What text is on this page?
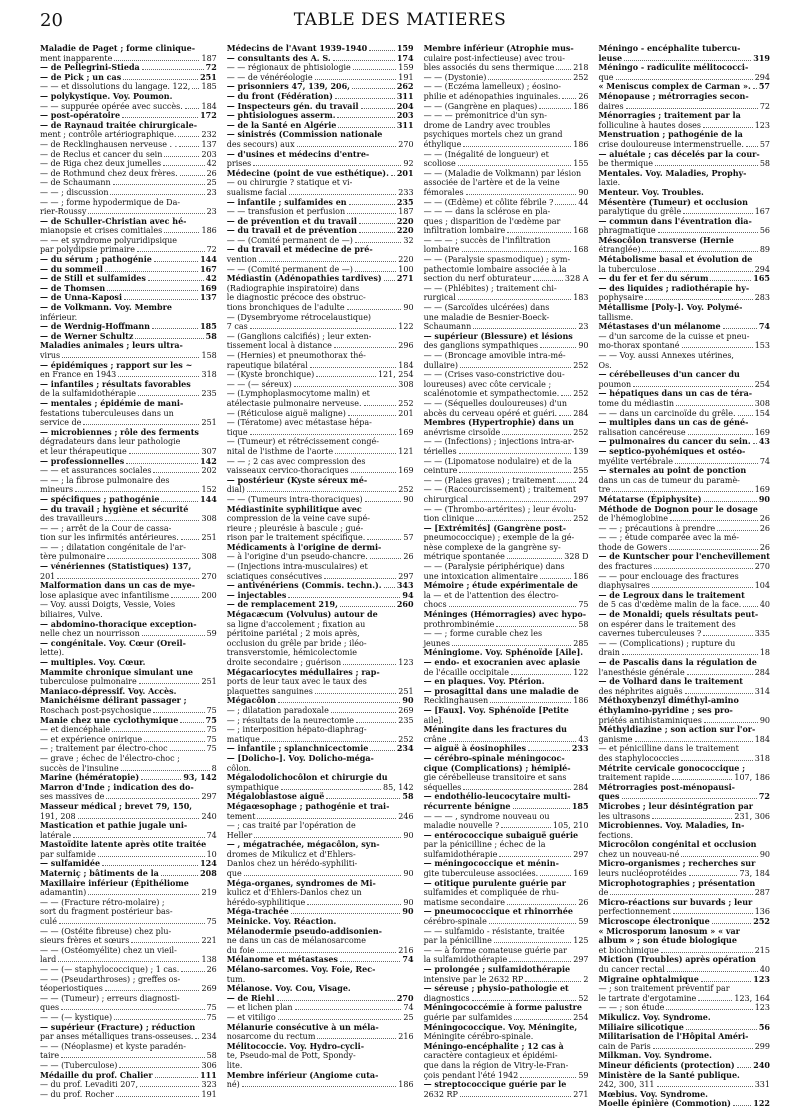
20	TABLE DES MATIERES
Maladie de Paget ; forme clinique-
ment inapparente	187
— de Pellegrini-Stieda	72
— de Pick ; un cas	251
— — et dissolutions du langage. 122, 185
— polykystique. Voy. Poumon.
— — suppurée opérée avec succès. 184
— post-opératoire	172
— de Raynaud traitée chirurgicale-
ment ; contrôle artériographique.	232
— de Recklinghausen nerveuse . .	137
— de Reclus et cancer du sein	203
— de Riga chez deux jumelles	42
— de Rothmund chez deux frères.	26
— de Schaumann	25
— — ; discussion	23
— — ; forme hypodermique de Da-
rier-Roussy	23
— de Schuller-Christian avec hé-
mianopsie et crises comitiales	186
— — et syndrome polyuridipsique
par polydipsie primaire	72
— du sérum ; pathogénie	144
— du sommeil	167
— de Still et sulfamides	42
— de Thomsen	169
— de Unna-Kaposi	137
— de Volkmann. Voy. Membre
inférieur.
— de Werdnig-Hoffmann	185
— de Werner Schultz	58
Maladies animales ; leurs ultra-
virus	158
— épidémiques ; rapport sur les ~
en France en 1943	318
— infantiles ; résultats favorables
de la sulfamidothérapie	235
— mentales ; épidémie de mani-
festations tuberculeuses dans un
service de	251
— microbiennes ; rôle des ferments
dégradateurs dans leur pathologie
et leur thérapeutique	307
— professionnelles	142
— — et assurances sociales	202
— — ; la fibrose pulmonaire des
mineurs	152
— spécifiques ; pathogénie	144
— du travail ; hygiène et sécurité
des travailleurs	308
— — ; arrêt de la Cour de cassa-
tion sur les infirmités antérieures.	251
— — ; dilatation congénitale de l'ar-
tère pulmonaire	308
— vénériennes (Statistiques) 137,
201	270
Malformation dans un cas de mye-
lose aplasique avec infantilisme	200
— Voy. aussi Doigts, Vessie, Voies
biliaires, Vulve.
— abdomino-thoracique exception-
nelle chez un nourrisson	59
— congénitale. Voy. Cœur (Oreil-
lette).
— multiples. Voy. Cœur.
Mammite chronique simulant une
tuberculose pulmonaire	251
Maniaco-dépressif. Voy. Accès.
Manichéisme délirant passager ;
Roschach post-psychosique	75
Manie chez une cyclothymique	75
— et diencéphale	75
— et expérience onirique	75
— ; traitement par électro-choc	75
— grave ; échec de l'électro-choc ;
succès de l'insuline	8
Marine (hémératopie)	93, 142
Marron d'Inde ; indication des do-
ses massives de	297
Masseur médical ; brevet 79, 150,
191, 208	240
Mastication et pathie jugale uni-
latérale	74
Mastoïdite latente après otite traitée
par sulfamide	10
— sulfamidée	124
Materniç ; bâtiments de la	208
Maxillaire inférieur (Épithéliome
adamantin)	219
— — (Fracture rétro-molaire) ;
sort du fragment postérieur bas-
culé	75
— — (Ostéite fibreuse) chez plu-
sieurs frères et sœurs	221
— — (Ostéomyélite) chez un vieil-
lard	138
— — (— staphylococcique) ; 1 cas.	26
— — (Pseudarthroses) ; greffes os-
téoperiostiques	269
— — (Tumeur) ; erreurs diagnosti-
ques	75
— — (— kystique)	75
— supérieur (Fracture) ; réduction
par anses métalliques trans-osseuses. 234
— — (Néoplasme) et kyste paradén-
taire	58
— — (Tuberculose)	306
Médaille du prof. Chalier	111
— du prof. Levaditi 207,	323
— du prof. Rocher	191
Médecins de l'Avant 1939-1940	159
— consultants des A. S.	174
— — régionaux de phtisiologie	159
— — de vénéréologie	191
— prisonniers 47, 139, 206,	262
— du front (Fédération)	311
— Inspecteurs gén. du travail	204
— phtisiologues asserm.	203
— de la Santé en Algérie	311
— sinistrés (Commission nationale
des secours) aux	270
— d'usines et médecins d'entre-
prises	92
Médecine (point de vue esthétique). 201
— ou chirurgie ? statique et vi-
sualisme facial	233
— infantile ; sulfamides en	235
— — transfusion et perfusion	187
— de prévention et du travail	220
— du travail et de prévention	220
— — (Comité permanent de —)	32
— du travail et médecine de pré-
vention	220
— — (Comité permanent de —)	100
Médiastin (Adénopathies tardives) 271
(Radiographie inspiratoire) dans
le diagnostic précoce des obstruc-
tions bronchiques de l'adulte	90
— (Dysembryome rétrocelaustique)
7 cas	122
— (Ganglions calcifiés) ; leur exten-
tissement local à distance	296
— (Hernies) et pneumothorax thé-
rapeutique bilatéral	184
— (Kyste bronchique)	121, 254
— — (— séreux)	308
— (Lymphoplasmocytome malin) et
atélectasie pulmonaire nerveuse.	252
— (Réticulose aiguë maligne)	201
— (Tératome) avec métastase hépa-
tique	169
— (Tumeur) et rétrécissement congé-
nital de l'isthme de l'aorte	121
— — ; 2 cas avec compression des
vaisseaux cervico-thoraciques	169
— postérieur (Kyste séreux mé-
dial)	252
— — (Tumeurs intra-thoraciques)	90
Médiastinite syphilitique avec
compression de la veine cave supé-
rieure ; pleurésie à bascule ; gué-
rison par le traitement spécifique.	57
Médicaments à l'origine de dermi-
— à l'origine d'un pseudo-chancre.	26
— (Injections intra-musculaires) et
sciatiques consécutives	297
— antivénériens (Commis. techn.). 343
— injectables	94
— de remplacement 219,	260
Mégacæcum (Volvulus) autour de
sa ligne d'accolement ; fixation au
péritoine pariétal ; 2 mois après,
occlusion du grêle par bride ; iléo-
transverstomie, hémicolectomie
droite secondaire ; guérison	123
Mégacariocytes médullaires ; rap-
ports de leur taux avec le taux des
plaquettes sanguines	251
Mégacôlon	90
— ; dilatation paradoxale	269
— ; résultats de la neurectomie	235
— ; interposition hépato-diaphrag-
matique	252
— infantile ; splanchnicectomie	234
— [Dolicho-]. Voy. Dolicho-méga-
côlon.
Mégalodolichocôlon et chirurgie du
sympathique	85, 142
Mégaloblastose aiguë	58
Mégaœsophage ; pathogénie et trai-
tement	246
— ; cas traité par l'opération de
Heller	90
— , mégatrachée, mégacôlon, syn-
dromes de Mikulicz et d'Ehlers-
Danlos chez un hérédo-syphiliti-
que	90
Méga-organes, syndromes de Mi-
kulicz et d'Ehlers-Danlos chez un
hérédo-syphilitique	90
Méga-trachée	90
Meinicke. Voy. Réaction.
Mélanodermie pseudo-addisonien-
ne dans un cas de mélanosarcome
du foie	216
Mélanome et métastases	74
Mélano-sarcomes. Voy. Foie, Rec-
tum.
Mélanose. Voy. Cou, Visage.
— de Riehl	270
— et lichen plan	74
— et vitiligo	25
Mélanurie consécutive à un méla-
nosarcome du rectum	216
Mélitococcie. Voy. Hydro-cycli-
te, Pseudo-mal de Pott, Spondy-
lite.
Membre inférieur (Angiome cuta-
né)	186
Membre inférieur (Atrophie mus-
culaire post-infectieuse) avec trou-
bles associés du sens thermique 218
— — (Dystonie)	252
— — (Eczéma lamelleux) ; éosino-
philie et adénopathies inguinales. 26
— — (Gangrène en plaques)	186
— — — prémonitrice d'un syn-
drome de Landry avec troubles
psychiques mortels chez un grand
éthylique	186
— — (Inégalité de longueur) et
scoliose	155
— — (Maladie de Volkmann) par lésion
associée de l'artère et de la veine
fémorales	90
— — (Œdème) et côlite fébrile ?	44
— — — dans la sclérose en pla-
ques ; disparition de l'œdème par
infiltration lombaire	168
— — — ; succès de l'infiltration
lombaire	168
— — (Paralysie spasmodique) ; sym-
pathectomie lombaire associée à la
section du nerf obturateur	328 A
— — (Phlébites) ; traitement chi-
rurgical	183
— — (Sarcoïdes ulcérées) dans
une maladie de Besnier-Boeck-
Schaumann	23
— supérieur (Blessure) et lésions
des ganglions sympathiques	90
— — (Broncage amovible intra-mé-
dullaire)	252
— — (Crises vaso-constrictive dou-
loureuses) avec côte cervicale ;
scalénotomie et sympathectomie. 252
— — (Séquelles douloureuses) d'un
abcès du cerveau opéré et guéri. 284
Membres (Hypertrophie) dans un
anévrisme cirsoïde	252
— — (Infections) ; injections intra-ar-
térielles	139
— — (Lipomatose nodulaire) et de la
ceinture	255
— — (Plaies graves) ; traitement	24
— — (Raccourcissement) ; traitement
chirurgical	297
— — (Thrombo-artérites) ; leur évolu-
tion clinique	252
— [Extrémités] (Gangrène post-
pneumococcique) ; exemple de la gé-
nèse complexe de la gangrène sy-
métrique spontanée	328 D
— — (Paralysie périphérique) dans
une intoxication alimentaire	186
Mémoire ; étude expérimentale de
la — et de l'attention des électro-
chocs	75
Méninges (Hémorragies) avec hypo-
prothrombinémie	58
— — ; forme curable chez les
jeunes	285
Méningiome. Voy. Sphénoïde [Aile].
— endo- et exocranien avec aplasie
de l'écaille occipitale	122
— en plaques. Voy. Ptérion.
— prosagittal dans une maladie de
Recklinghausen	186
— [Faux]. Voy. Sphénoïde [Petite
aile].
Méningite dans les fractures du
crâne	43
— aiguë à éosinophiles	233
— cérébro-spinale méningococ-
cique (Complications) ; hémiplé-
gie cérébelleuse transitoire et sans
séquelles	284
— endothélio-leucocytaire multi-
récurrente bénigne	185
— — — , syndrome nouveau ou
maladie nouvelle ?	105, 210
— entérococcique subaiguë guérie
par la pénicilline ; échec de la
sulfamidothérapie	297
— méningococcique et ménin-
gite tuberculeuse associées.	169
— otitique purulente guérie par
sulfamides et compliquée de rhu-
matisme secondaire	26
— pneumococcique et rhinorrhée
cérébro-spinale	59
— — sulfamido - résistante, traitée
par la pénicilline	125
— — à forme comateuse guérie par
la sulfamidothérapie	297
— prolongée ; sulfamidothérapie
intensive par le 2632 RP	2
— séreuse ; physio-pathologie et
diagnostics	52
Méningococcémie à forme palustre
guérie par sulfamides	254
Méningococcique. Voy. Méningite,
Méningite cérébro-spinale.
Méningo-encéphalite ; 12 cas à
caractère contagieux et épidémi-
que dans la région de Vitry-le-Fran-
çois pendant l'été 1942	59
— streptococcique guérie par le
2632 RP	271
Méningo - encéphalite tubercu-
leuse	319
Méningo - radiculite mélitococci-
que	294
« Meniscus complex de Carman ». 57
Ménopause ; métrorragies secon-
daires	72
Ménorragies ; traitement par la
folliculine à hautes doses	123
Menstruation ; pathogénie de la
crise douloureuse intermenstruelle. 57
— aluétale ; cas décelés par la cour-
be thermique	58
Mentales. Voy. Maladies, Prophy-
laxie.
Menteur. Voy. Troubles.
Mésentère (Tumeur) et occlusion
paralytique du grêle	167
— commun dans l'éventration dia-
phragmatique	56
Mésocôlon transverse (Hernie
étranglée)	89
Métabolisme basal et évolution de
la tuberculose	294
— du fer et fer du sérum	165
— des liquides ; radiothérapie hy-
pophysaire	283
Métallisme [Poly-]. Voy. Polymé-
tallisme.
Métastases d'un mélanome	74
— d'un sarcome de la cuisse et pneu-
mo-thorax spontané	153
— — Voy. aussi Annexes utérines,
Os.
— cérébelleuses d'un cancer du
poumon	254
— hépatiques dans un cas de téra-
tome du médiastin	308
— — dans un carcinoïde du grêle. 154
— multiples dans un cas de géné-
ralisation cancéreuse	169
— pulmonaires du cancer du sein. 43
— septico-pyohémiques et ostéo-
myélite vertébrale	74
— sternales au point de ponction
dans un cas de tumeur du paramè-
tre	169
Métatarse (Épiphysite)	90
Méthode de Dognon pour le dosage
de l'hémoglobine	26
— — ; précautions à prendre	26
— — ; étude comparée avec la mé-
thode de Gowers	26
— de Kuntscher pour l'enchevillement
des fractures	270
— — pour enclouage des fractures
diaphysaires	104
— de Legroux dans le traitement
de 5 cas d'œdème malin de la face. 40
— de Monaldi; quels résultats peut-
on espérer dans le traitement des
cavernes tuberculeuses ?	335
— — (Complications) ; rupture du
drain	18
— de Pascalis dans la régulation de
l'anesthésie générale	284
— de Volhard dans le traitement
des néphrites aiguës	314
Méthoxybenzyl diméthyl-amino
éthylamino-pyridine ; ses pro-
priétés antihistaminiques	90
Méthyldiazine ; son action sur l'or-
ganisme	184
— et pénicilline dans le traitement
des staphylococcies	318
Métrite cervicale gonococcique ;
traitement rapide	107, 186
Métrorragies post-ménopausi-
ques	72
Microbes ; leur désintégration par
les ultrasons	231, 306
Microbiennes. Voy. Maladies, In-
fections.
Microcôlon congénital et occlusion
chez un nouveau-né	90
Micro-organismes ; recherches sur
leurs nucléoprotéides	73, 184
Microphotographies ; présentation
de	287
Micro-réactions sur buvards ; leur
perfectionnement	136
Microscope électronique	252
« Microsporum lanosum » « var
album » ; son étude biologique
et biochimique	215
Miction (Troubles) après opération
du cancer rectal	40
Migraine ophtalmique	123
— ; son traitement préventif par
le tartrate d'ergotamine	123, 164
— — ; son étude	123
Mikulicz. Voy. Syndrome.
Miliaire silicotique	56
Militarisation de l'Hôpital Améri-
cain de Paris	299
Milkman. Voy. Syndrome.
Mineur déficients (protection) 240
Ministère de la Santé publique.
242, 300, 311	331
Mœbius. Voy. Syndrome.
Moelle épinière (Commotion)	122
